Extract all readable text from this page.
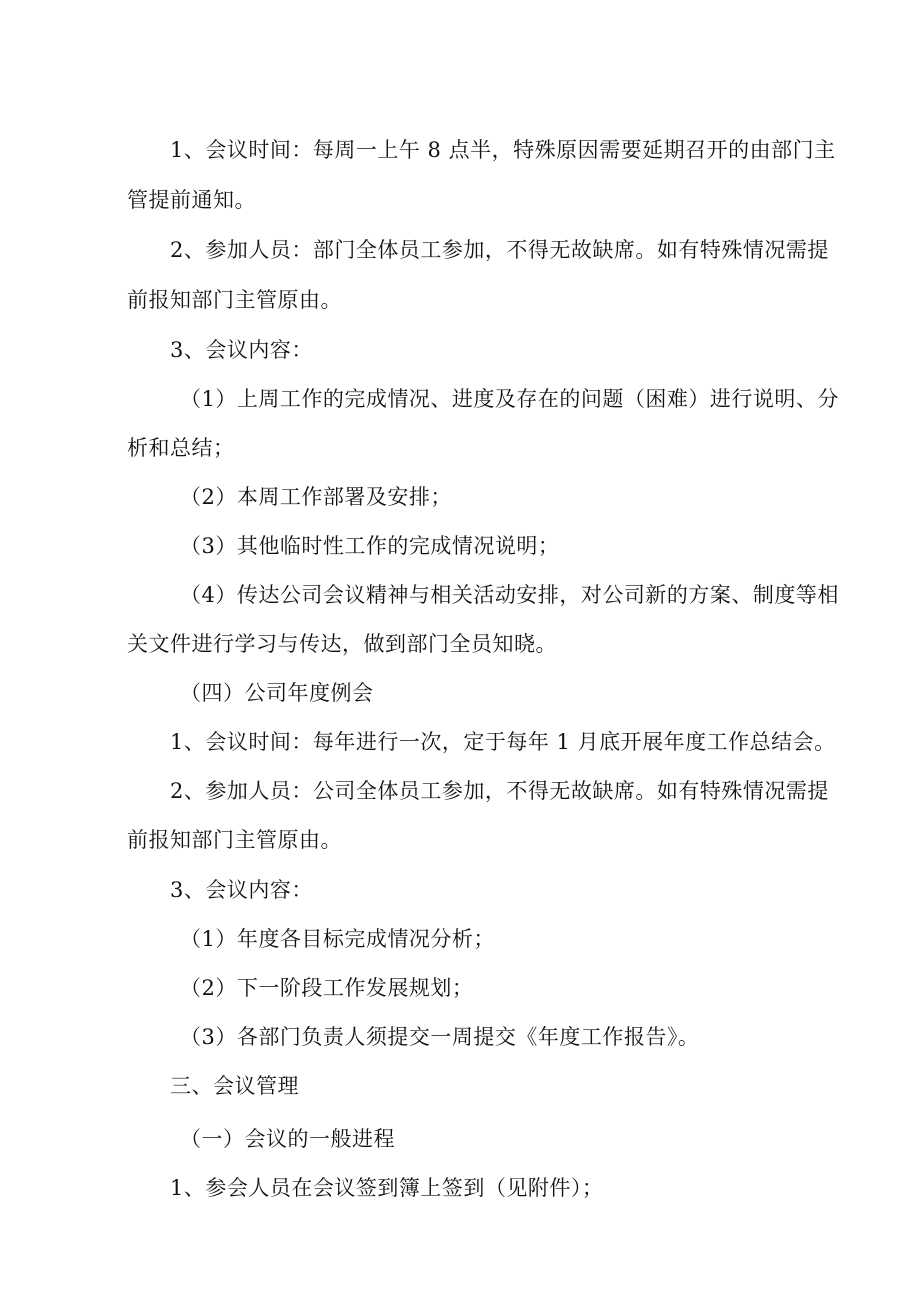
1、会议时间：每周一上午 8 点半，特殊原因需要延期召开的由部门主
管提前通知。
2、参加人员：部门全体员工参加，不得无故缺席。如有特殊情况需提
前报知部门主管原由。
3、会议内容：
（1）上周工作的完成情况、进度及存在的问题（困难）进行说明、分
析和总结；
（2）本周工作部署及安排；
（3）其他临时性工作的完成情况说明；
（4）传达公司会议精神与相关活动安排，对公司新的方案、制度等相
关文件进行学习与传达，做到部门全员知晓。
（四）公司年度例会
1、会议时间：每年进行一次，定于每年 1 月底开展年度工作总结会。
2、参加人员：公司全体员工参加，不得无故缺席。如有特殊情况需提
前报知部门主管原由。
3、会议内容：
（1）年度各目标完成情况分析；
（2）下一阶段工作发展规划；
（3）各部门负责人须提交一周提交《年度工作报告》。
三、会议管理
（一）会议的一般进程
1、参会人员在会议签到簿上签到（见附件）；
